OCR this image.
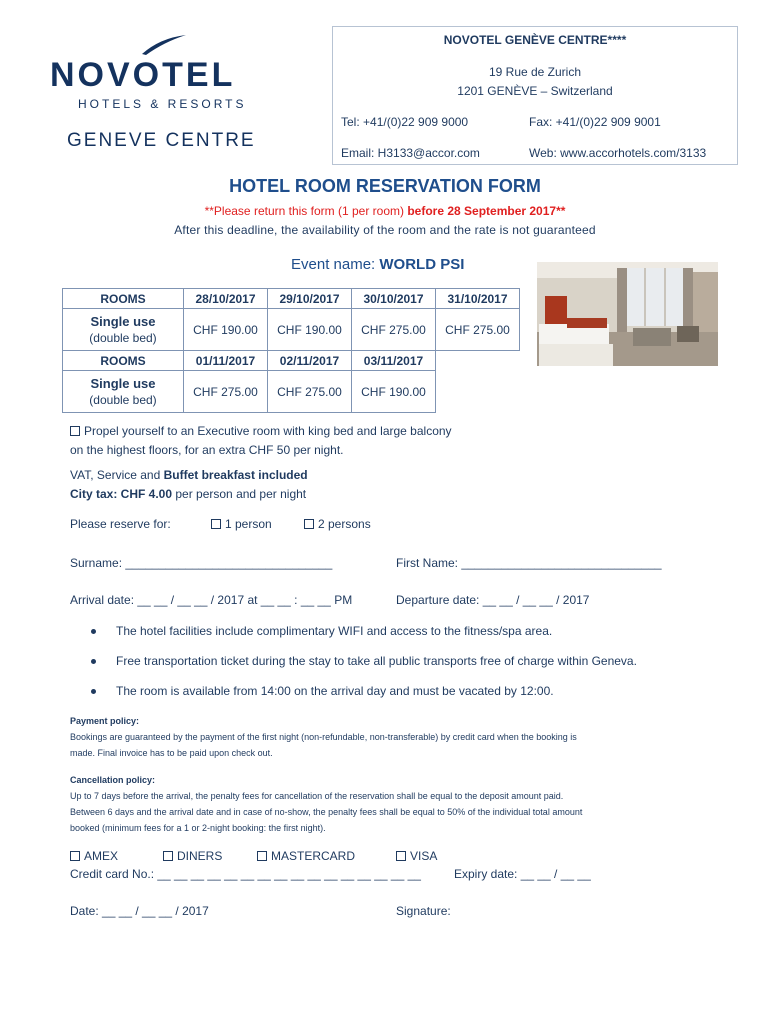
NOVOTEL
HOTELS & RESORTS
GENEVE CENTRE
NOVOTEL GENÈVE CENTRE****
19 Rue de Zurich
1201 GENÈVE – Switzerland
Tel: +41/(0)22 909 9000	Fax: +41/(0)22 909 9001
Email: H3133@accor.com	Web: www.accorhotels.com/3133
HOTEL ROOM RESERVATION FORM
**Please return this form (1 per room) before 28 September 2017**
After this deadline, the availability of the room and the rate is not guaranteed
Event name: WORLD PSI
ROOMS	28/10/2017	29/10/2017	30/10/2017	31/10/2017

Single use
(double bed)	CHF 190.00	CHF 190.00	CHF 275.00	CHF 275.00
ROOMS	01/11/2017	02/11/2017	03/11/2017	

Single use
(double bed)	CHF 275.00	CHF 275.00	CHF 190.00	
Propel yourself to an Executive room with king bed and large balcony
on the highest floors, for an extra CHF 50 per night.
VAT, Service and Buffet breakfast included
City tax: CHF 4.00 per person and per night
Please reserve for:	1 person	2 persons
Surname: _______________________________	First Name: ______________________________
Arrival date: __ __ / __ __ / 2017 at __ __ : __ __ PM	Departure date: __ __ / __ __ / 2017
The hotel facilities include complimentary WIFI and access to the fitness/spa area.
Free transportation ticket during the stay to take all public transports free of charge within Geneva.
The room is available from 14:00 on the arrival day and must be vacated by 12:00.
Payment policy:
Bookings are guaranteed by the payment of the first night (non-refundable, non-transferable) by credit card when the booking is
made. Final invoice has to be paid upon check out.
Cancellation policy:
Up to 7 days before the arrival, the penalty fees for cancellation of the reservation shall be equal to the deposit amount paid.
Between 6 days and the arrival date and in case of no-show, the penalty fees shall be equal to 50% of the individual total amount
booked (minimum fees for a 1 or 2-night booking: the first night).
AMEX	DINERS	MASTERCARD	VISA
Credit card No.: __ __ __ __ __ __ __ __ __ __ __ __ __ __ __ __	Expiry date: __ __ / __ __
Date: __ __ / __ __ / 2017	Signature:
